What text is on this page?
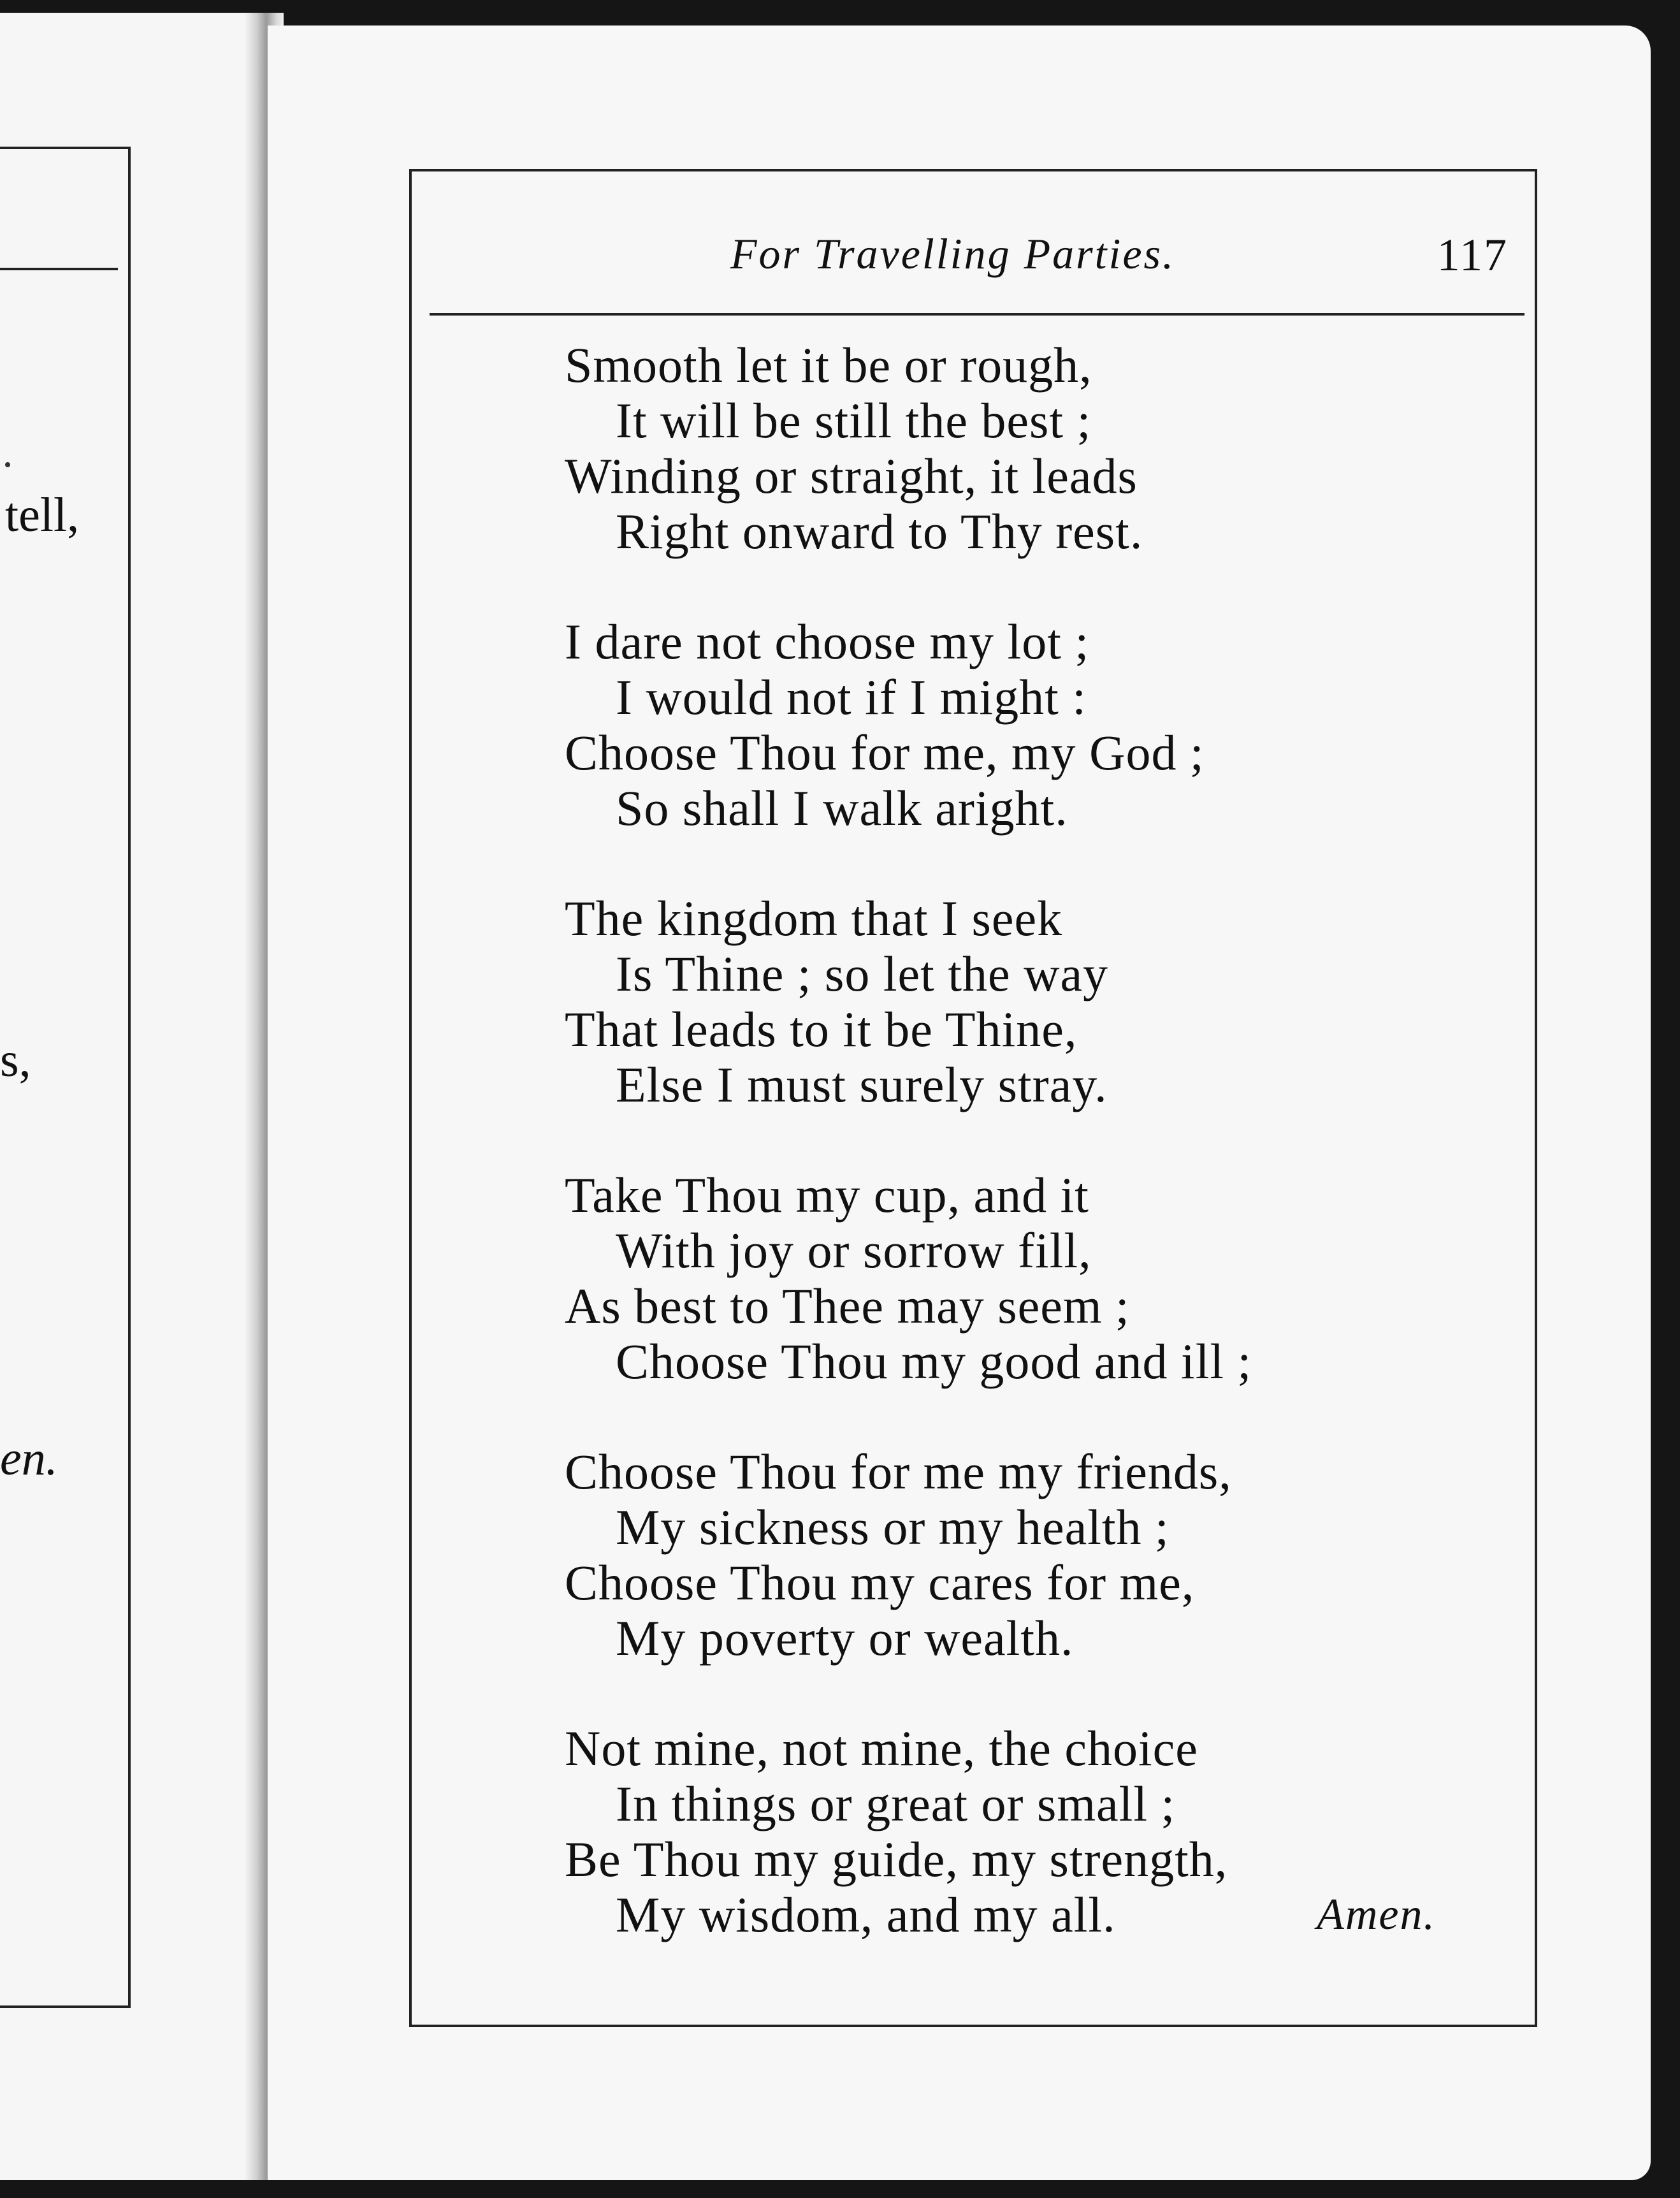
tell,
s,
en.
For Travelling Parties.	117
Smooth let it be or rough,
It will be still the best ;
Winding or straight, it leads
Right onward to Thy rest.
I dare not choose my lot ;
I would not if I might :
Choose Thou for me, my God ;
So shall I walk aright.
The kingdom that I seek
Is Thine ; so let the way
That leads to it be Thine,
Else I must surely stray.
Take Thou my cup, and it
With joy or sorrow fill,
As best to Thee may seem ;
Choose Thou my good and ill ;
Choose Thou for me my friends,
My sickness or my health ;
Choose Thou my cares for me,
My poverty or wealth.
Not mine, not mine, the choice
In things or great or small ;
Be Thou my guide, my strength,
My wisdom, and my all.	Amen.
